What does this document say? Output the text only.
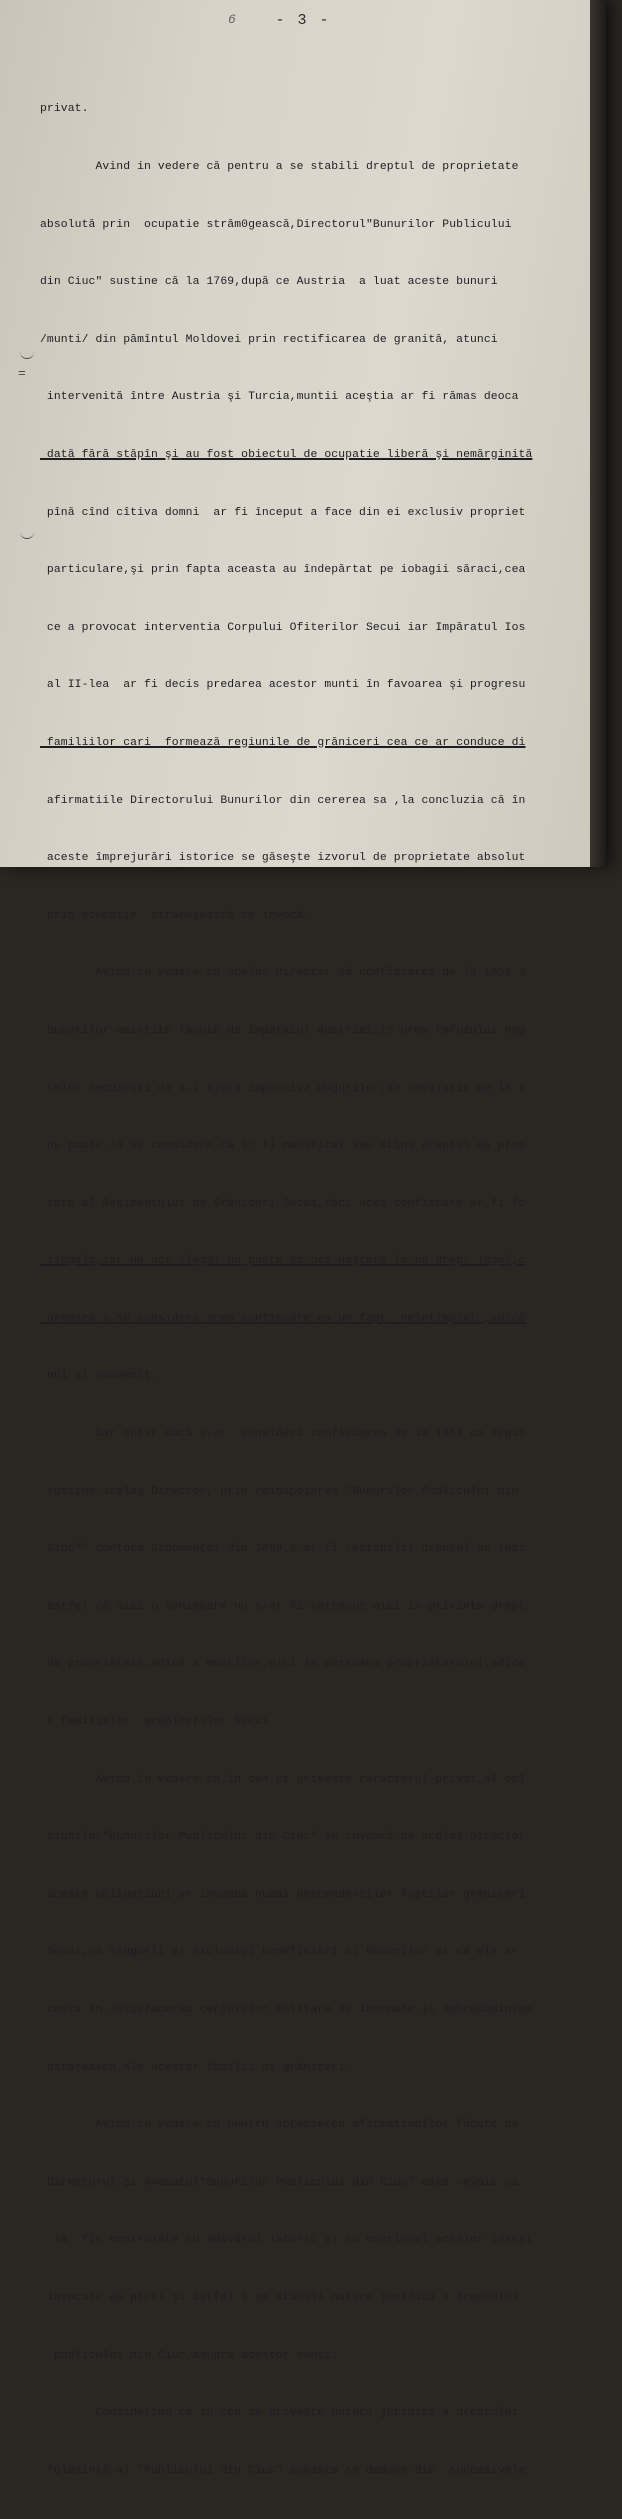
6	- 3 -
=

privat.

Avind in vedere că pentru a se stabili dreptul de proprietate

absolută prin  ocupatie străm0gească,Directorul"Bunurilor Publicului

din Ciuc" sustine că la 1769,după ce Austria  a luat aceste bunuri

/munti/ din pămîntul Moldovei prin rectificarea de granită, atunci

intervenită între Austria şi Turcia,muntii aceştia ar fi rămas deoca

dată fără stăpîn şi au fost obiectul de ocupatie liberă şi nemărginită

pînă cînd cîtiva domni  ar fi început a face din ei exclusiv propriet

particulare,şi prin fapta aceasta au îndepărtat pe iobagii săraci,cea

ce a provocat interventia Corpului Ofiterilor Secui iar Impăratul Ios

al II-lea  ar fi decis predarea acestor munti în favoarea şi progresu

familiilor cari  formează regiunile de grăniceri cea ce ar conduce di

afirmatiile Directorului Bunurilor din cererea sa ,la concluzia că în

aceste împrejurări istorice se găseşte izvorul de proprietate absolut

prin ocupatie  strămoşească ce invocă.

Avînd în vedere că acelaş Director să confiscarea de la 1851 a

Bunurilor amintite făcută de Impăratul Austriei,în urma refuzului Reg

telor Secuieşti de a-l ajuta împotriva Ungurilor,în revolutia de la 1

nu poate să se considere,că ar fi modificat sau stins dreptul de prop

tate al Regimentului de Grăniceri Secui,căci acea confiscare ar fi fo

ilegală,iar un act ilegal nu poate să dea naştere la un drept legal,c

urmează a se considera acea confiscare ca un fapt  neîntîmplat ,adică

nul şi neavenit.

Dar chiar dacă s-ar  considera confiscarea de la 1851 ca legal

sustine acelaş Director, prin reînapoierea "Bunurilor Publicului din

Ciuc"" conform Ordonantei din 1869,s-ar fi restabilit dreptul de înai

astfel că nici o schimbare nu s-ar fi petrecut nici în privinta drept

de proprietate,adică a muntilor,nici în persoana proprietarului,adică

a familiilor  grănicerilor Secui.

Avînd în vedere că în cea ce priveşte caracterul privat al obl

ţiunilor"Bunurilor Publicului din Ciuc" se invoacă de acelaş Director

aceste obligatiuni ar incumba numai descendentilor foştilor grăniceri

Secui,ca singurii şi exclusivi beneficiari ai Bunurilor şi că ele ar

costa în satisfacerea cerintelor militare de înarmare şi îmbrăcămintea

ostăşească ale acestor familii de grăniceri.

Avînd în vedere că pentru aprecierea afirmatiunilor făcute de

Directorul şi Avocatul"Bunurilor Publicului din Ciuc" este nevoie ca

să  fie controlate cu adevărul istoric şi cu cuprinsul actelor înseşi

invocate de părti şi astfel a se stabili natura juridică a dreptului

publicului din Ciuc,asupra acestor munti.

Considerînd că în cea ce priveşte natura juridică a dreptului

folosintă al "Publicului din Ciuc" aceasta se deduce din  succesivele
